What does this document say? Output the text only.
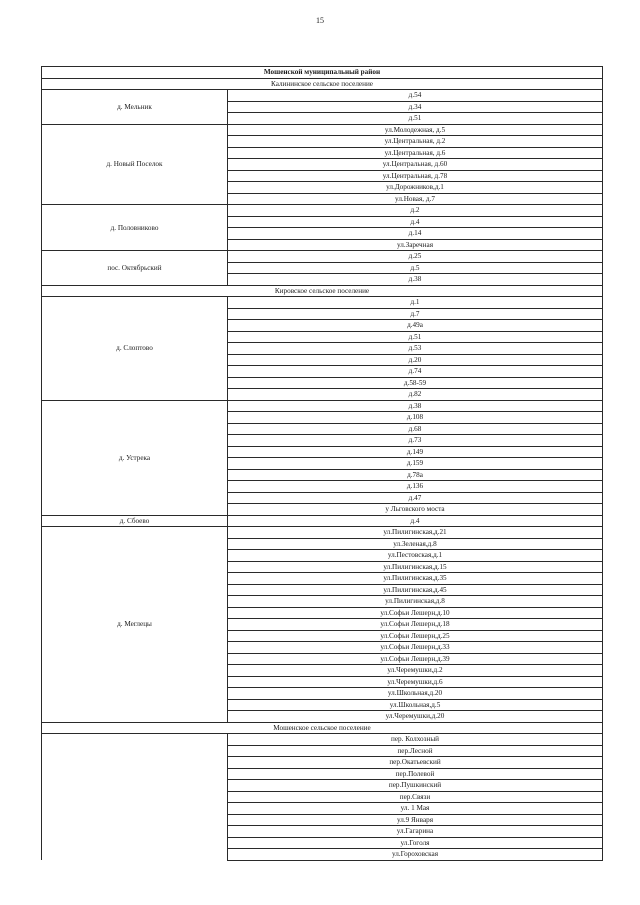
15
Мошенской муниципальный район	
Калининское сельское поселение	
д. Мельник	д.54
	д.34
	д.51
д. Новый Поселок	ул.Молодежная, д.5
	ул.Центральная, д.2
	ул.Центральная, д.6
	ул.Центральная, д.60
	ул.Центральная, д.78
	ул.Дорожников,д.1
	ул.Новая, д.7
д. Половниково	д.2
	д.4
	д.14
	ул.Заречная
пос. Октябрьский	д.25
	д.5
	д.38
Кировское сельское поселение	
д. Слоптово	д.1
	д.7
	д.49а
	д.51
	д.53
	д.20
	д.74
	д.58-59
	д.82
д. Устрека	д.38
	д.108
	д.68
	д.73
	д.149
	д.159
	д.78а
	д.136
	д.47
	у Льговского моста
д. Сбоево	д.4
д. Меглецы	ул.Пилигинская,д.21
	ул.Зеленая,д.8
	ул.Пестовская,д.1
	ул.Пилигинская,д.15
	ул.Пилигинская,д.35
	ул.Пилигинская,д.45
	ул.Пилигинская,д.8
	ул.Софьи Лешерн,д.10
	ул.Софьи Лешерн,д.18
	ул.Софьи Лешерн,д.25
	ул.Софьи Лешерн,д.33
	ул.Софьи Лешерн,д.39
	ул.Черемушки,д.2
	ул.Черемушки,д.6
	ул.Школьная,д.20
	ул.Школьная,д.5
	ул.Черемушки,д.20
Мошенское сельское поселение	
	пер. Колхозный
	пер.Лесной
	пер.Окатьевский
	пер.Полевой
	пер.Пушкинский
	пер.Связи
	ул. 1 Мая
	ул.9 Января
	ул.Гагарина
	ул.Гоголя
	ул.Гороховская
